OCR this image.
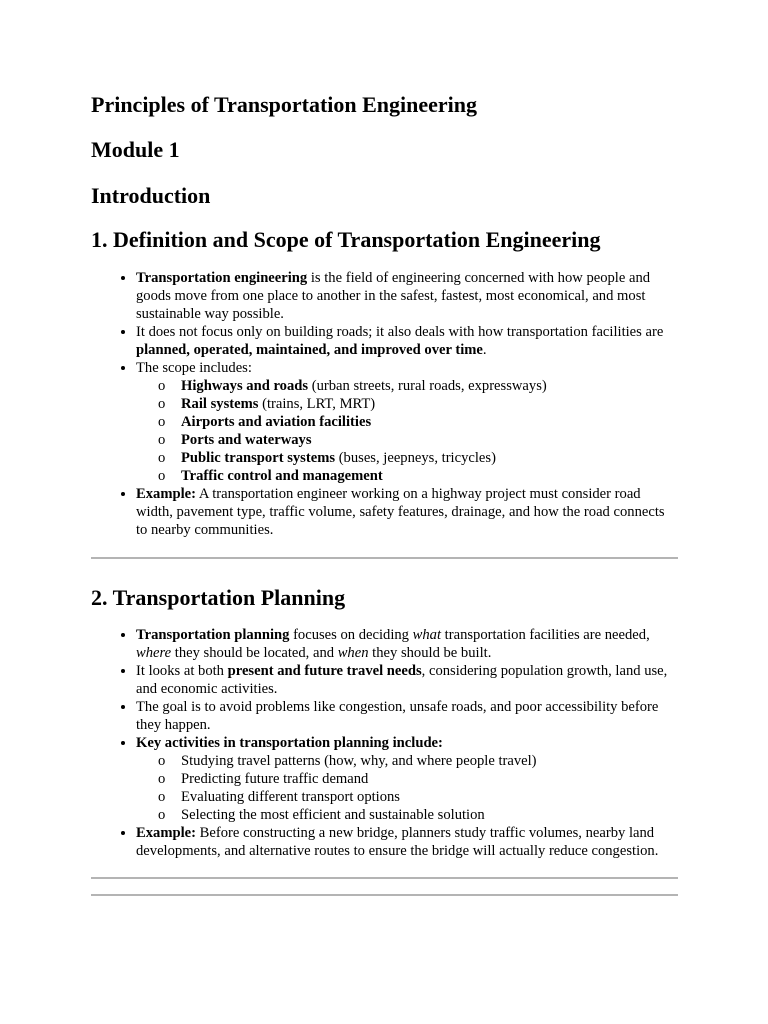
Principles of Transportation Engineering
Module 1
Introduction
1. Definition and Scope of Transportation Engineering
• Transportation engineering is the field of engineering concerned with how people and goods move from one place to another in the safest, fastest, most economical, and most sustainable way possible.
• It does not focus only on building roads; it also deals with how transportation facilities are planned, operated, maintained, and improved over time.
• The scope includes:
o Highways and roads (urban streets, rural roads, expressways)
o Rail systems (trains, LRT, MRT)
o Airports and aviation facilities
o Ports and waterways
o Public transport systems (buses, jeepneys, tricycles)
o Traffic control and management
• Example: A transportation engineer working on a highway project must consider road width, pavement type, traffic volume, safety features, drainage, and how the road connects to nearby communities.
2. Transportation Planning
• Transportation planning focuses on deciding what transportation facilities are needed, where they should be located, and when they should be built.
• It looks at both present and future travel needs, considering population growth, land use, and economic activities.
• The goal is to avoid problems like congestion, unsafe roads, and poor accessibility before they happen.
• Key activities in transportation planning include:
o Studying travel patterns (how, why, and where people travel)
o Predicting future traffic demand
o Evaluating different transport options
o Selecting the most efficient and sustainable solution
• Example: Before constructing a new bridge, planners study traffic volumes, nearby land developments, and alternative routes to ensure the bridge will actually reduce congestion.
